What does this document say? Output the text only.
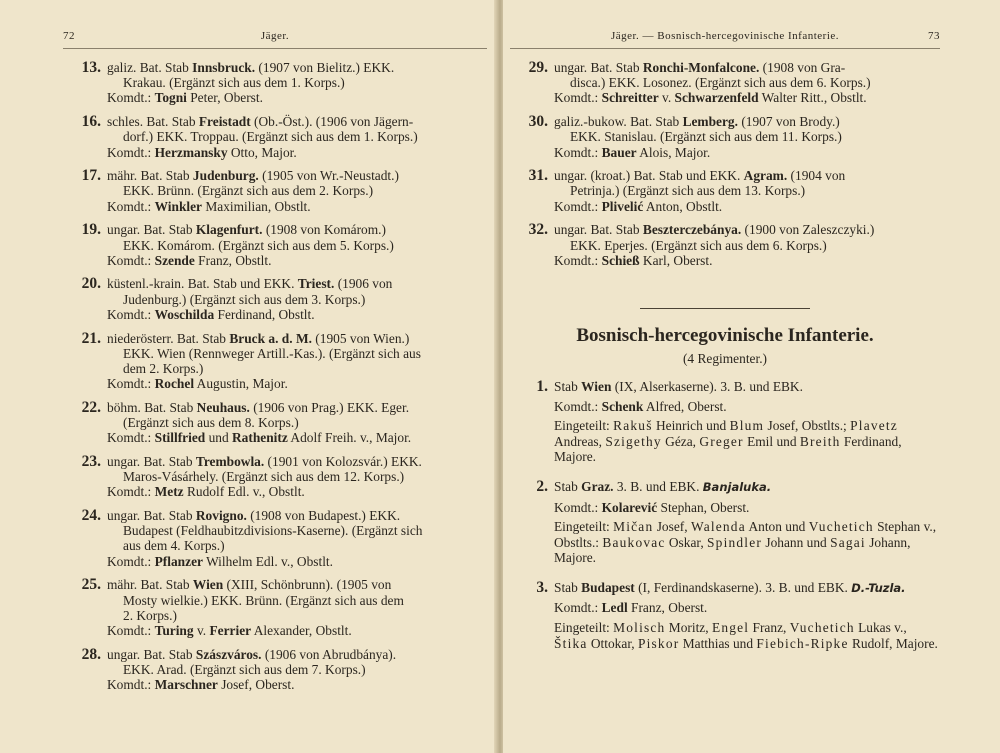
72	Jäger.
13. galiz. Bat. Stab Innsbruck. (1907 von Bielitz.) EKK.

Krakau. (Ergänzt sich aus dem 1. Korps.)

Komdt.: Togni Peter, Oberst.

16. schles. Bat. Stab Freistadt (Ob.-Öst.). (1906 von Jägern-

dorf.) EKK. Troppau. (Ergänzt sich aus dem 1. Korps.)

Komdt.: Herzmansky Otto, Major.

17. mähr. Bat. Stab Judenburg. (1905 von Wr.-Neustadt.)

EKK. Brünn. (Ergänzt sich aus dem 2. Korps.)

Komdt.: Winkler Maximilian, Obstlt.

19. ungar. Bat. Stab Klagenfurt. (1908 von Komárom.)

EKK. Komárom. (Ergänzt sich aus dem 5. Korps.)

Komdt.: Szende Franz, Obstlt.

20. küstenl.-krain. Bat. Stab und EKK. Triest. (1906 von

Judenburg.) (Ergänzt sich aus dem 3. Korps.)

Komdt.: Woschilda Ferdinand, Obstlt.

21. niederösterr. Bat. Stab Bruck a. d. M. (1905 von Wien.)

EKK. Wien (Rennweger Artill.-Kas.). (Ergänzt sich aus

dem 2. Korps.)

Komdt.: Rochel Augustin, Major.

22. böhm. Bat. Stab Neuhaus. (1906 von Prag.) EKK. Eger.

(Ergänzt sich aus dem 8. Korps.)

Komdt.: Stillfried und Rathenitz Adolf Freih. v., Major.

23. ungar. Bat. Stab Trembowla. (1901 von Kolozsvár.) EKK.

Maros-Vásárhely. (Ergänzt sich aus dem 12. Korps.)

Komdt.: Metz Rudolf Edl. v., Obstlt.

24. ungar. Bat. Stab Rovigno. (1908 von Budapest.) EKK.

Budapest (Feldhaubitzdivisions-Kaserne). (Ergänzt sich

aus dem 4. Korps.)

Komdt.: Pflanzer Wilhelm Edl. v., Obstlt.

25. mähr. Bat. Stab Wien (XIII, Schönbrunn). (1905 von

Mosty wielkie.) EKK. Brünn. (Ergänzt sich aus dem

2. Korps.)

Komdt.: Turing v. Ferrier Alexander, Obstlt.

28. ungar. Bat. Stab Szászváros. (1906 von Abrudbánya).

EKK. Arad. (Ergänzt sich aus dem 7. Korps.)

Komdt.: Marschner Josef, Oberst.

Jäger. — Bosnisch-hercegovinische Infanterie.	73
29. ungar. Bat. Stab Ronchi-Monfalcone. (1908 von Gra-

disca.) EKK. Losonez. (Ergänzt sich aus dem 6. Korps.)

Komdt.: Schreitter v. Schwarzenfeld Walter Ritt., Obstlt.

30. galiz.-bukow. Bat. Stab Lemberg. (1907 von Brody.)

EKK. Stanislau. (Ergänzt sich aus dem 11. Korps.)

Komdt.: Bauer Alois, Major.

31. ungar. (kroat.) Bat. Stab und EKK. Agram. (1904 von

Petrinja.) (Ergänzt sich aus dem 13. Korps.)

Komdt.: Plivelić Anton, Obstlt.

32. ungar. Bat. Stab Beszterczebánya. (1900 von Zaleszczyki.)

EKK. Eperjes. (Ergänzt sich aus dem 6. Korps.)

Komdt.: Schieß Karl, Oberst.

Bosnisch-hercegovinische Infanterie.
(4 Regimenter.)
1. Stab Wien (IX, Alserkaserne). 3. B. und EBK.

Komdt.: Schenk Alfred, Oberst.

Eingeteilt: Rakuš Heinrich und Blum Josef, Obstlts.; Plavetz Andreas, Szigethy Géza, Greger Emil und Breith Ferdinand, Majore.

2. Stab Graz. 3. B. und EBK. Banjaluka.

Komdt.: Kolarević Stephan, Oberst.

Eingeteilt: Mičan Josef, Walenda Anton und Vuchetich Stephan v., Obstlts.: Baukovac Oskar, Spindler Johann und Sagai Johann, Majore.

3. Stab Budapest (I, Ferdinandskaserne). 3. B. und EBK. D.-Tuzla.

Komdt.: Ledl Franz, Oberst.

Eingeteilt: Molisch Moritz, Engel Franz, Vuchetich Lukas v., Štika Ottokar, Piskor Matthias und Fiebich-Ripke Rudolf, Majore.
